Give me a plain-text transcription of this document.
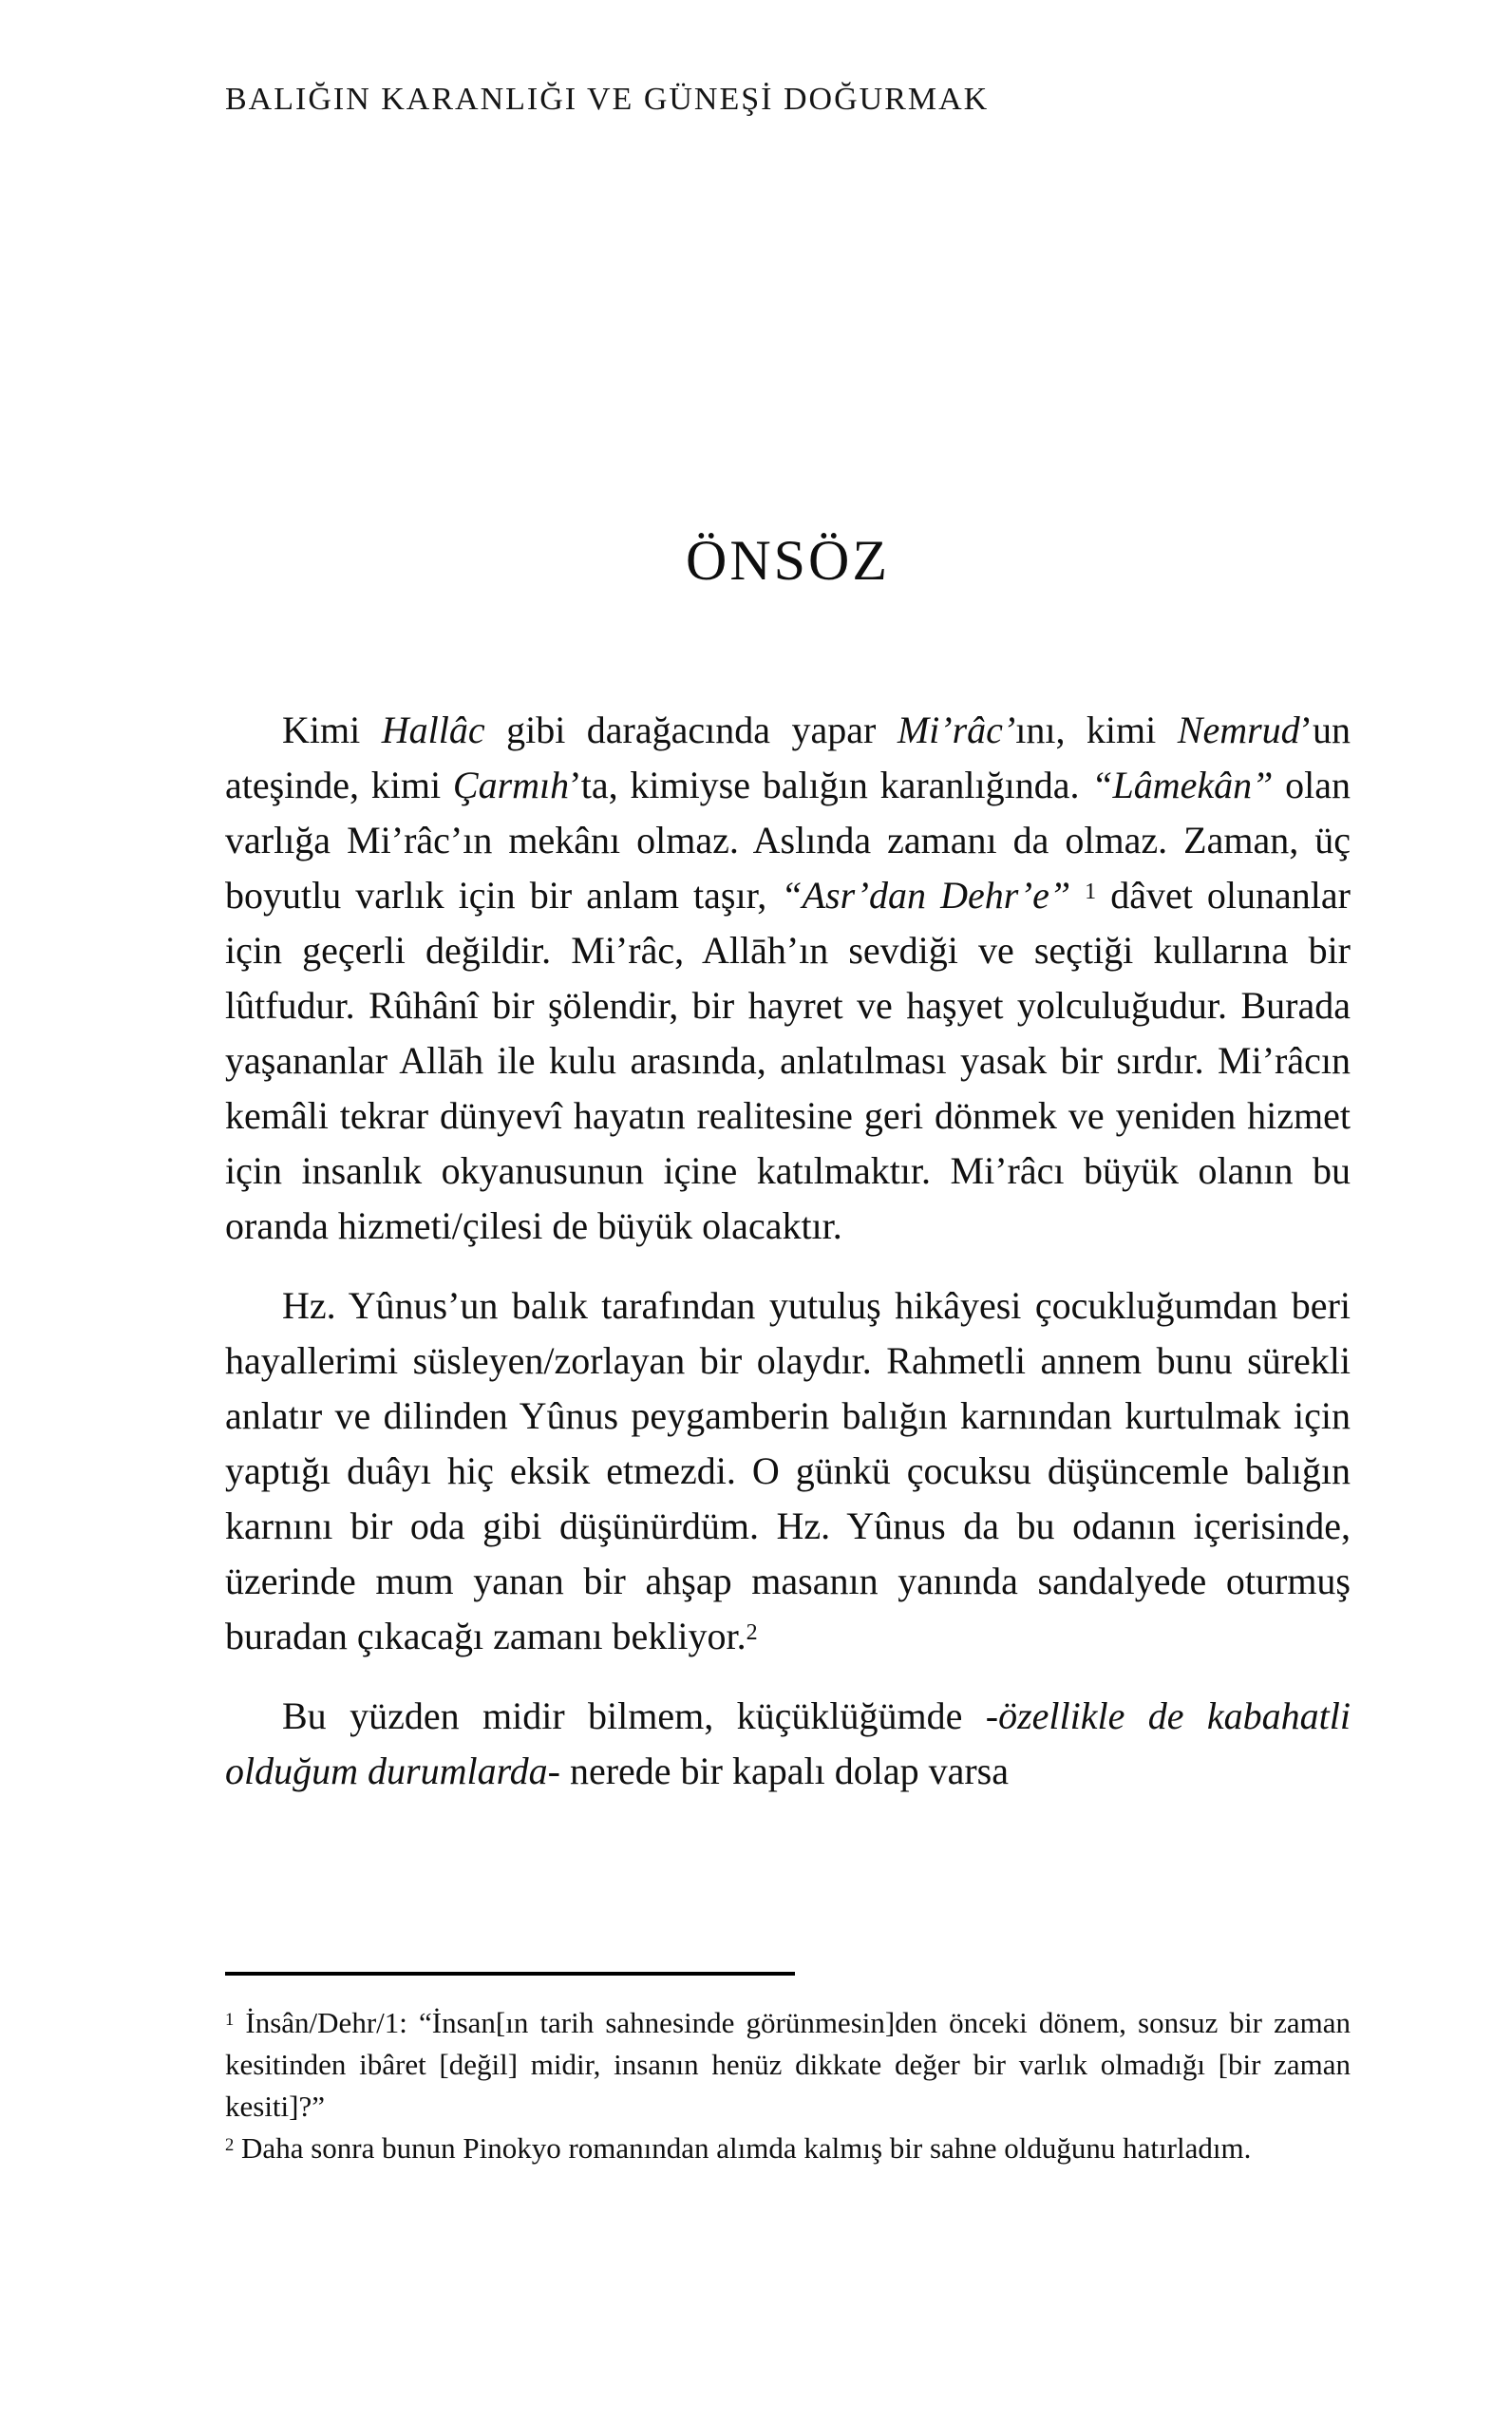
BALIĞIN KARANLIĞI VE GÜNEŞİ DOĞURMAK
ÖNSÖZ

Kimi Hallâc gibi darağacında yapar Mi’râc’ını, kimi Nemrud’un ateşinde, kimi Çarmıh’ta, kimiyse balığın karanlığında. “Lâmekân” olan varlığa Mi’râc’ın mekânı olmaz. Aslında zamanı da olmaz. Zaman, üç boyutlu varlık için bir anlam taşır, “Asr’dan Dehr’e” $^1$ dâvet olunanlar için geçerli değildir. Mi’râc, Allāh’ın sevdiği ve seçtiği kullarına bir lûtfudur. Rûhânî bir şölendir, bir hayret ve haşyet yolculuğudur. Burada yaşananlar Allāh ile kulu arasında, anlatılması yasak bir sırdır. Mi’râcın kemâli tekrar dünyevî hayatın realitesine geri dönmek ve yeniden hizmet için insanlık okyanusunun içine katılmaktır. Mi’râcı büyük olanın bu oranda hizmeti/çilesi de büyük olacaktır.

Hz. Yûnus’un balık tarafından yutuluş hikâyesi çocukluğumdan beri hayallerimi süsleyen/zorlayan bir olaydır. Rahmetli annem bunu sürekli anlatır ve dilinden Yûnus peygamberin balığın karnından kurtulmak için yaptığı duâyı hiç eksik etmezdi. O günkü çocuksu düşüncemle balığın karnını bir oda gibi düşünürdüm. Hz. Yûnus da bu odanın içerisinde, üzerinde mum yanan bir ahşap masanın yanında sandalyede oturmuş buradan çıkacağı zamanı bekliyor.$^2$

Bu yüzden midir bilmem, küçüklüğümde -özellikle de kabahatli olduğum durumlarda- nerede bir kapalı dolap varsa

$^1$ İnsân/Dehr/1: “İnsan[ın tarih sahnesinde görünmesin]den önceki dönem, sonsuz bir zaman kesitinden ibâret [değil] midir, insanın henüz dikkate değer bir varlık olmadığı [bir zaman kesiti]?”

$^2$ Daha sonra bunun Pinokyo romanından alımda kalmış bir sahne olduğunu hatırladım.
